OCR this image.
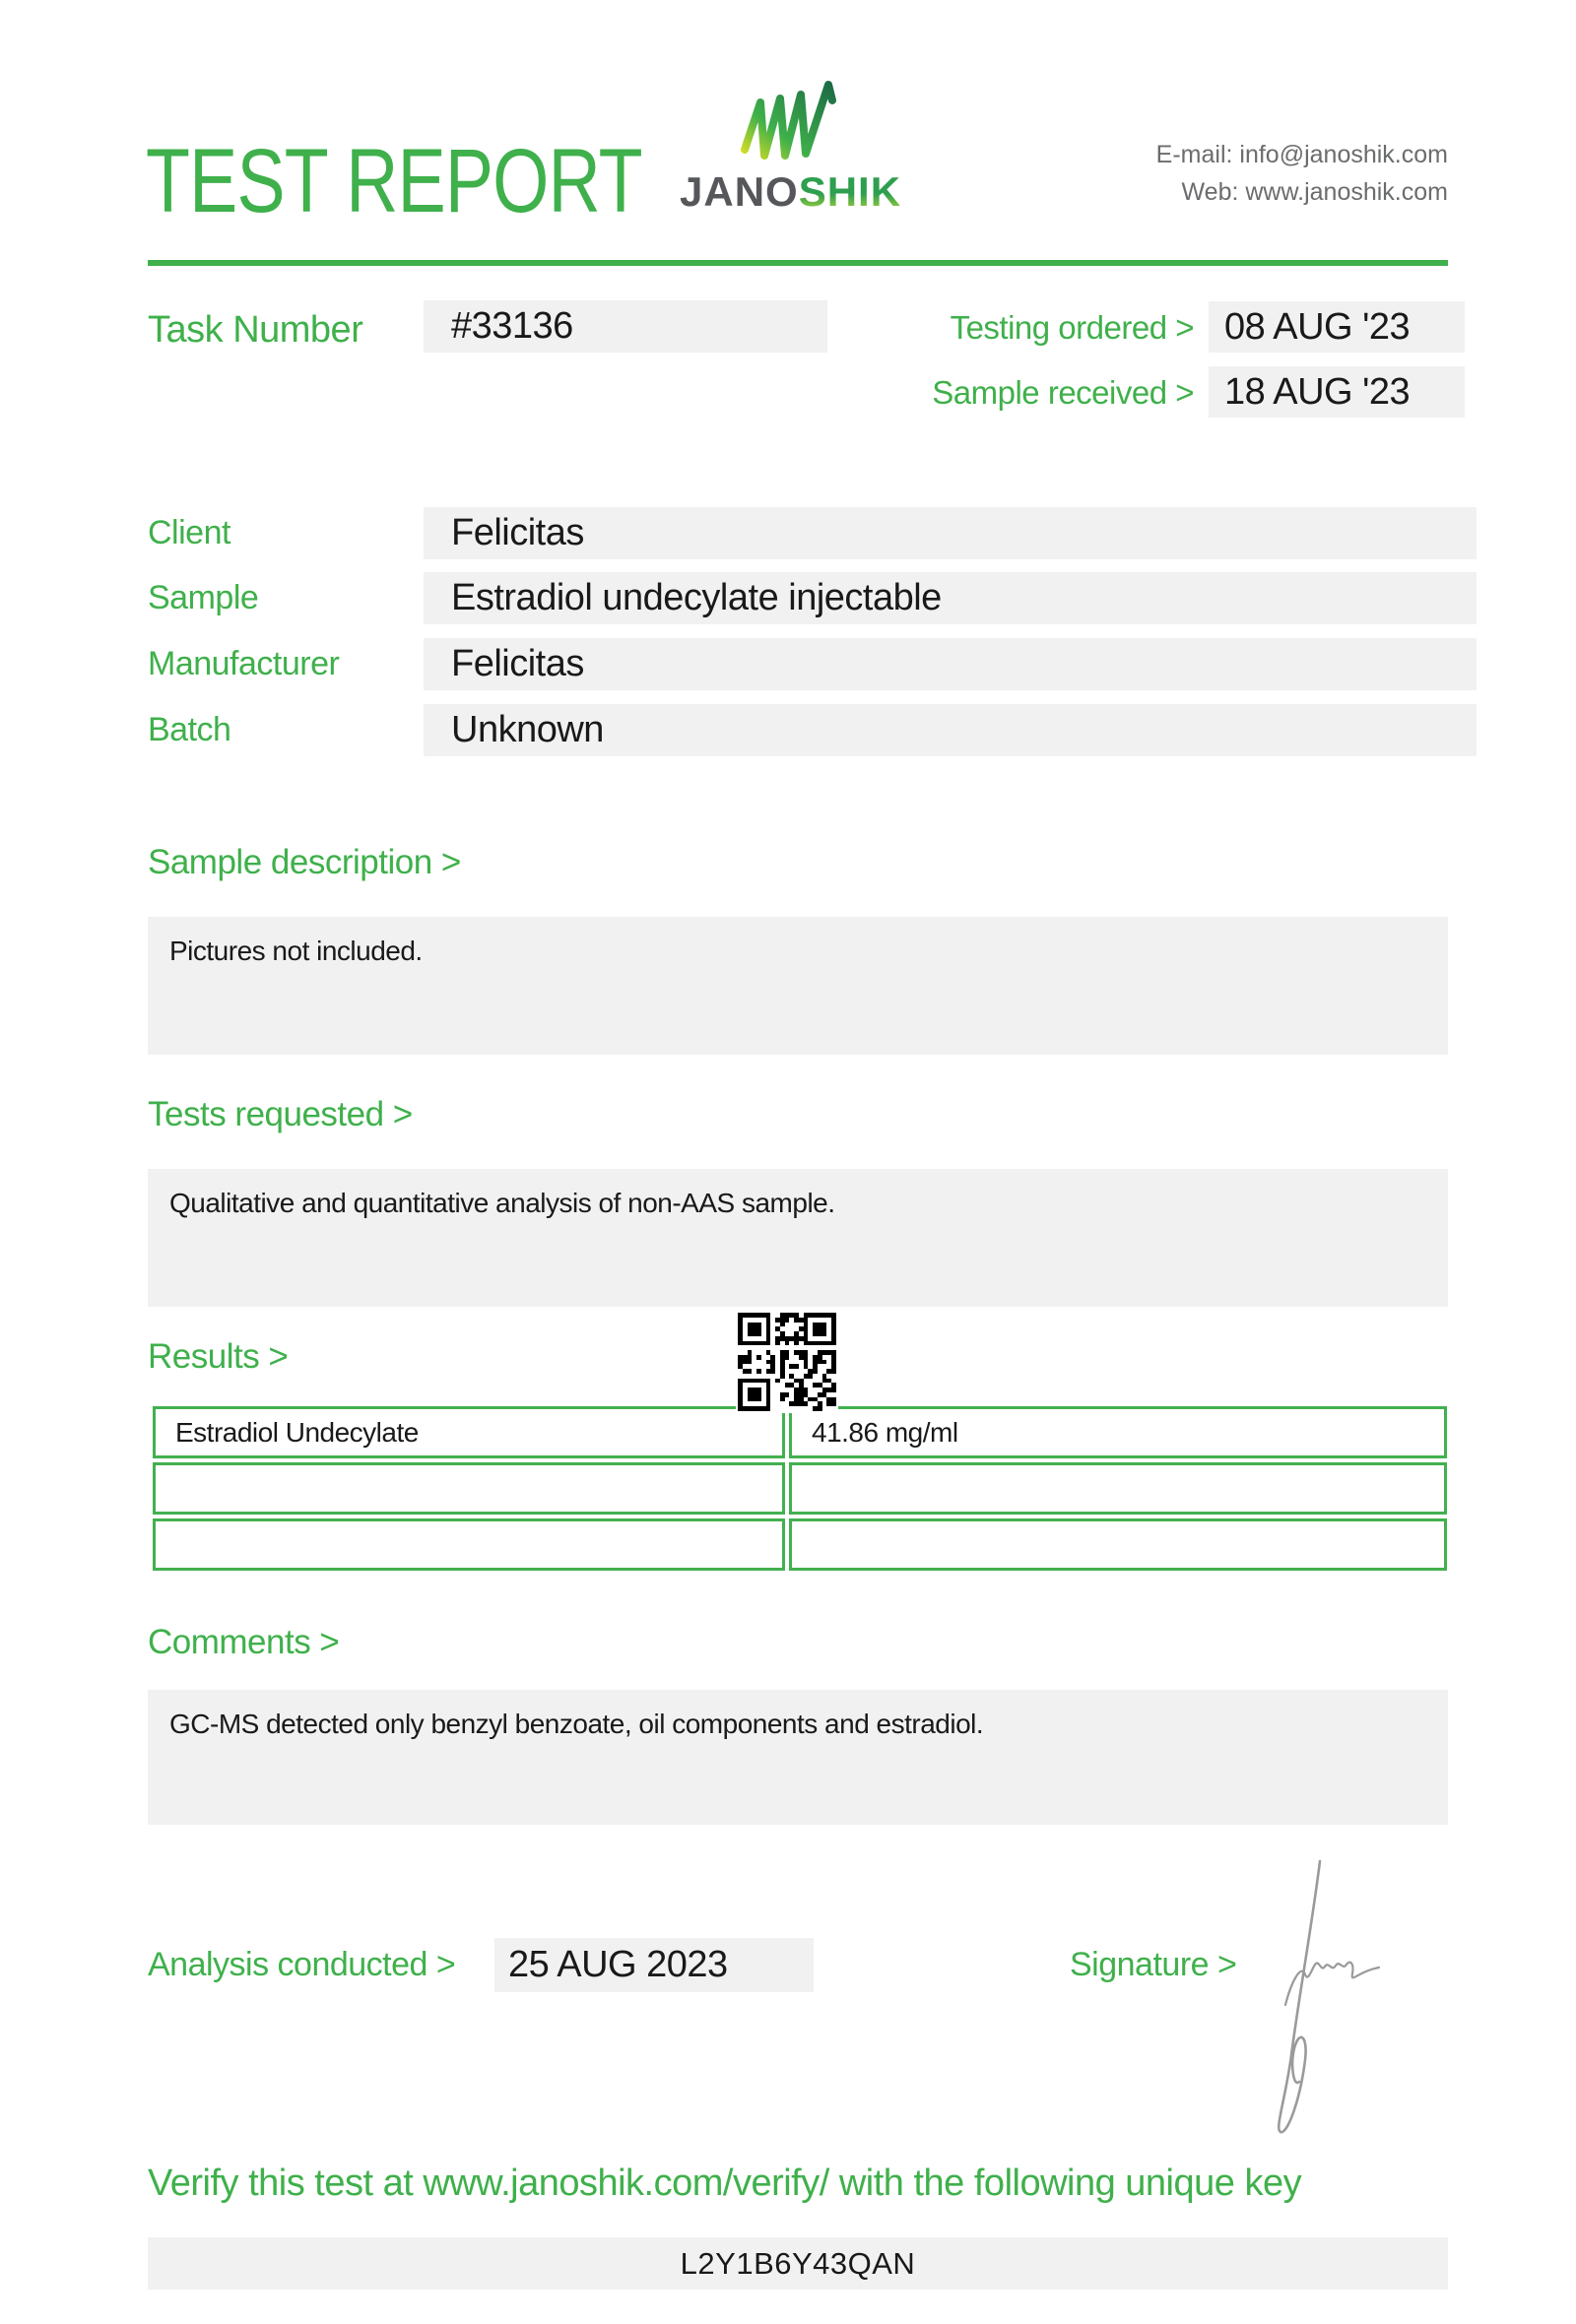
TEST REPORT JANOSHIK
E-mail: info@janoshik.com
Web: www.janoshik.com
Task Number #33136	Testing ordered > 08 AUG '23
Sample received > 18 AUG '23
Client	Felicitas
Sample	Estradiol undecylate injectable
Manufacturer	Felicitas
Batch	Unknown
Sample description >
Pictures not included.
Tests requested >
Qualitative and quantitative analysis of non-AAS sample.
Results >
Estradiol Undecylate	41.86 mg/ml
Comments >
GC-MS detected only benzyl benzoate, oil components and estradiol.
Analysis conducted > 25 AUG 2023	Signature >
Verify this test at www.janoshik.com/verify/ with the following unique key
L2Y1B6Y43QAN
